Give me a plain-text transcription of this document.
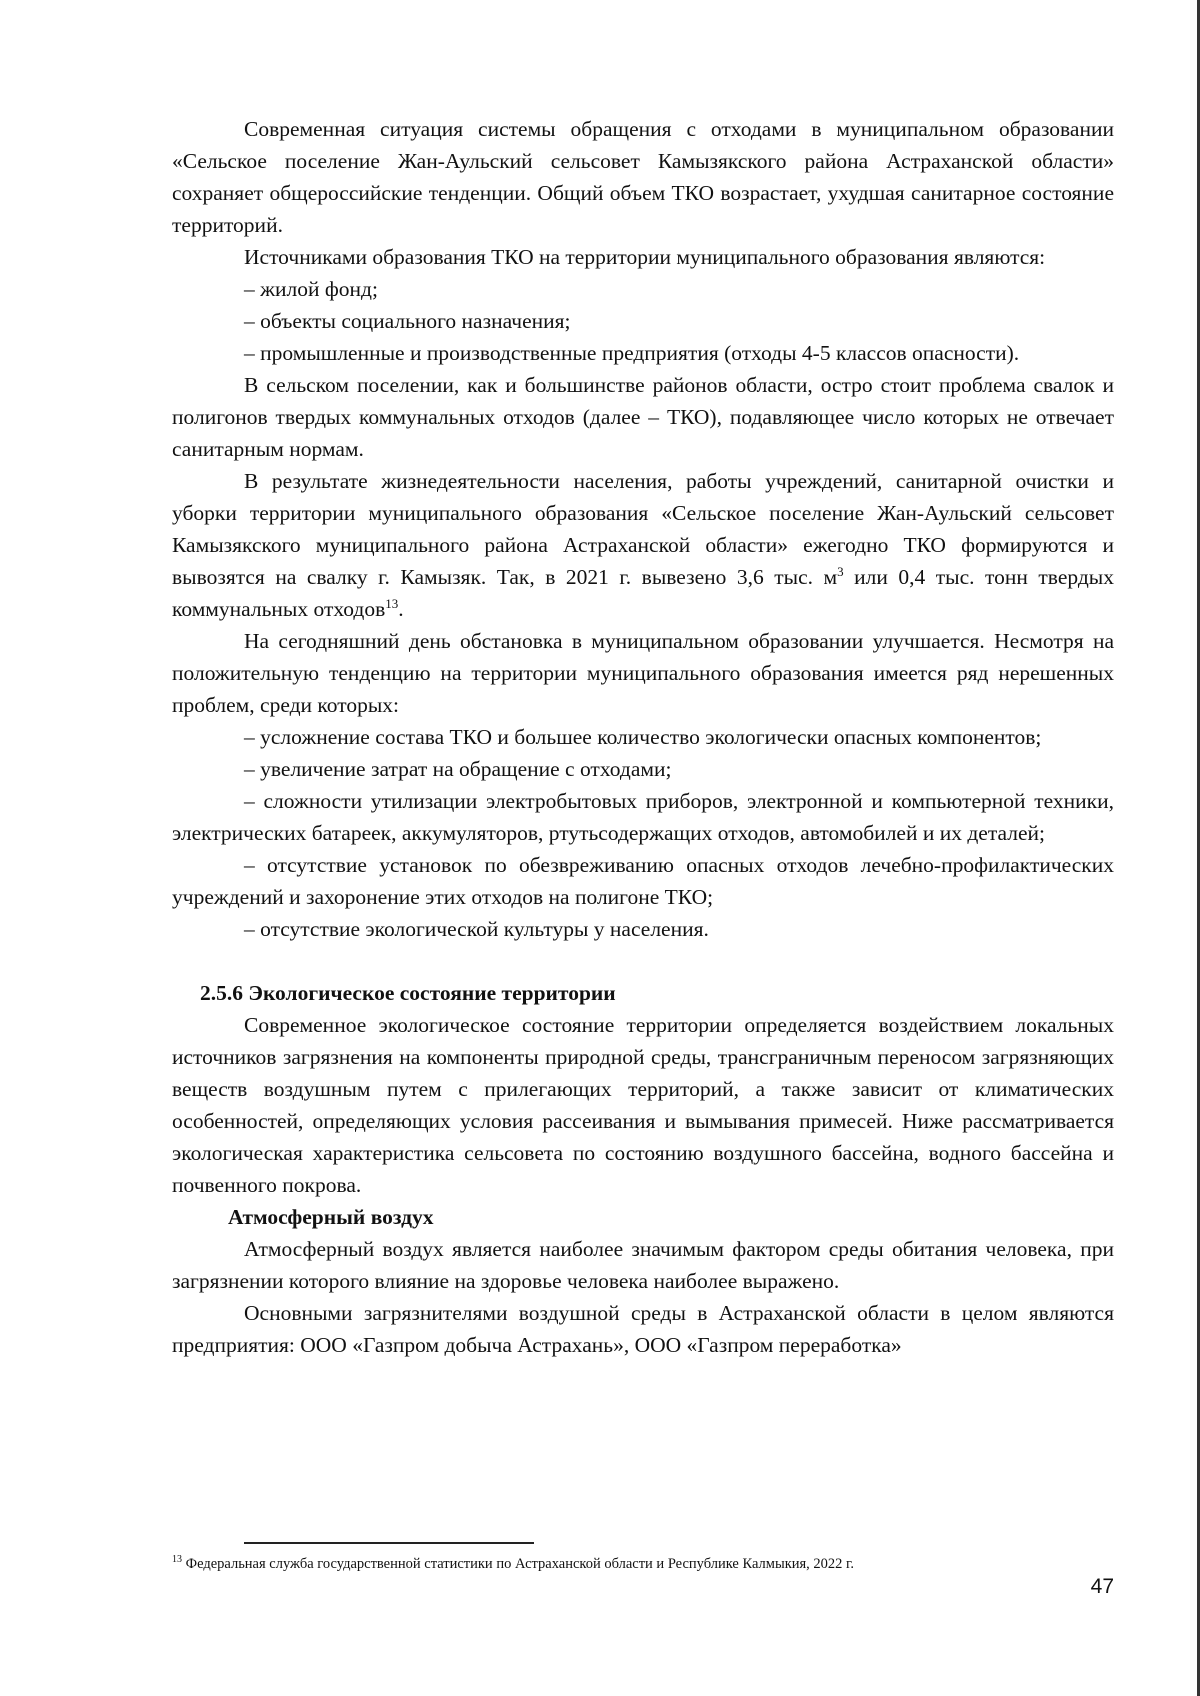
Современная ситуация системы обращения с отходами в муниципальном образовании «Сельское поселение Жан-Аульский сельсовет Камызякского района Астраханской области» сохраняет общероссийские тенденции. Общий объем ТКО возрастает, ухудшая санитарное состояние территорий.

Источниками образования ТКО на территории муниципального образования являются:

– жилой фонд;

– объекты социального назначения;

– промышленные и производственные предприятия (отходы 4-5 классов опасности).

В сельском поселении, как и большинстве районов области, остро стоит проблема свалок и полигонов твердых коммунальных отходов (далее – ТКО), подавляющее число которых не отвечает санитарным нормам.

В результате жизнедеятельности населения, работы учреждений, санитарной очистки и уборки территории муниципального образования «Сельское поселение Жан-Аульский сельсовет Камызякского муниципального района Астраханской области» ежегодно ТКО формируются и вывозятся на свалку г. Камызяк. Так, в 2021 г. вывезено 3,6 тыс. $м^3$ или 0,4 тыс. тонн твердых коммунальных отходов$^{13}$.

На сегодняшний день обстановка в муниципальном образовании улучшается. Несмотря на положительную тенденцию на территории муниципального образования имеется ряд нерешенных проблем, среди которых:

– усложнение состава ТКО и большее количество экологически опасных компонентов;

– увеличение затрат на обращение с отходами;

– сложности утилизации электробытовых приборов, электронной и компьютерной техники, электрических батареек, аккумуляторов, ртутьсодержащих отходов, автомобилей и их деталей;

– отсутствие установок по обезвреживанию опасных отходов лечебно-профилактических учреждений и захоронение этих отходов на полигоне ТКО;

– отсутствие экологической культуры у населения.

2.5.6 Экологическое состояние территории

Современное экологическое состояние территории определяется воздействием локальных источников загрязнения на компоненты природной среды, трансграничным переносом загрязняющих веществ воздушным путем с прилегающих территорий, а также зависит от климатических особенностей, определяющих условия рассеивания и вымывания примесей. Ниже рассматривается экологическая характеристика сельсовета по состоянию воздушного бассейна, водного бассейна и почвенного покрова.

Атмосферный воздух

Атмосферный воздух является наиболее значимым фактором среды обитания человека, при загрязнении которого влияние на здоровье человека наиболее выражено.

Основными загрязнителями воздушной среды в Астраханской области в целом являются предприятия: ООО «Газпром добыча Астрахань», ООО «Газпром переработка»

$^{13}$ Федеральная служба государственной статистики по Астраханской области и Республике Калмыкия, 2022 г.
47
